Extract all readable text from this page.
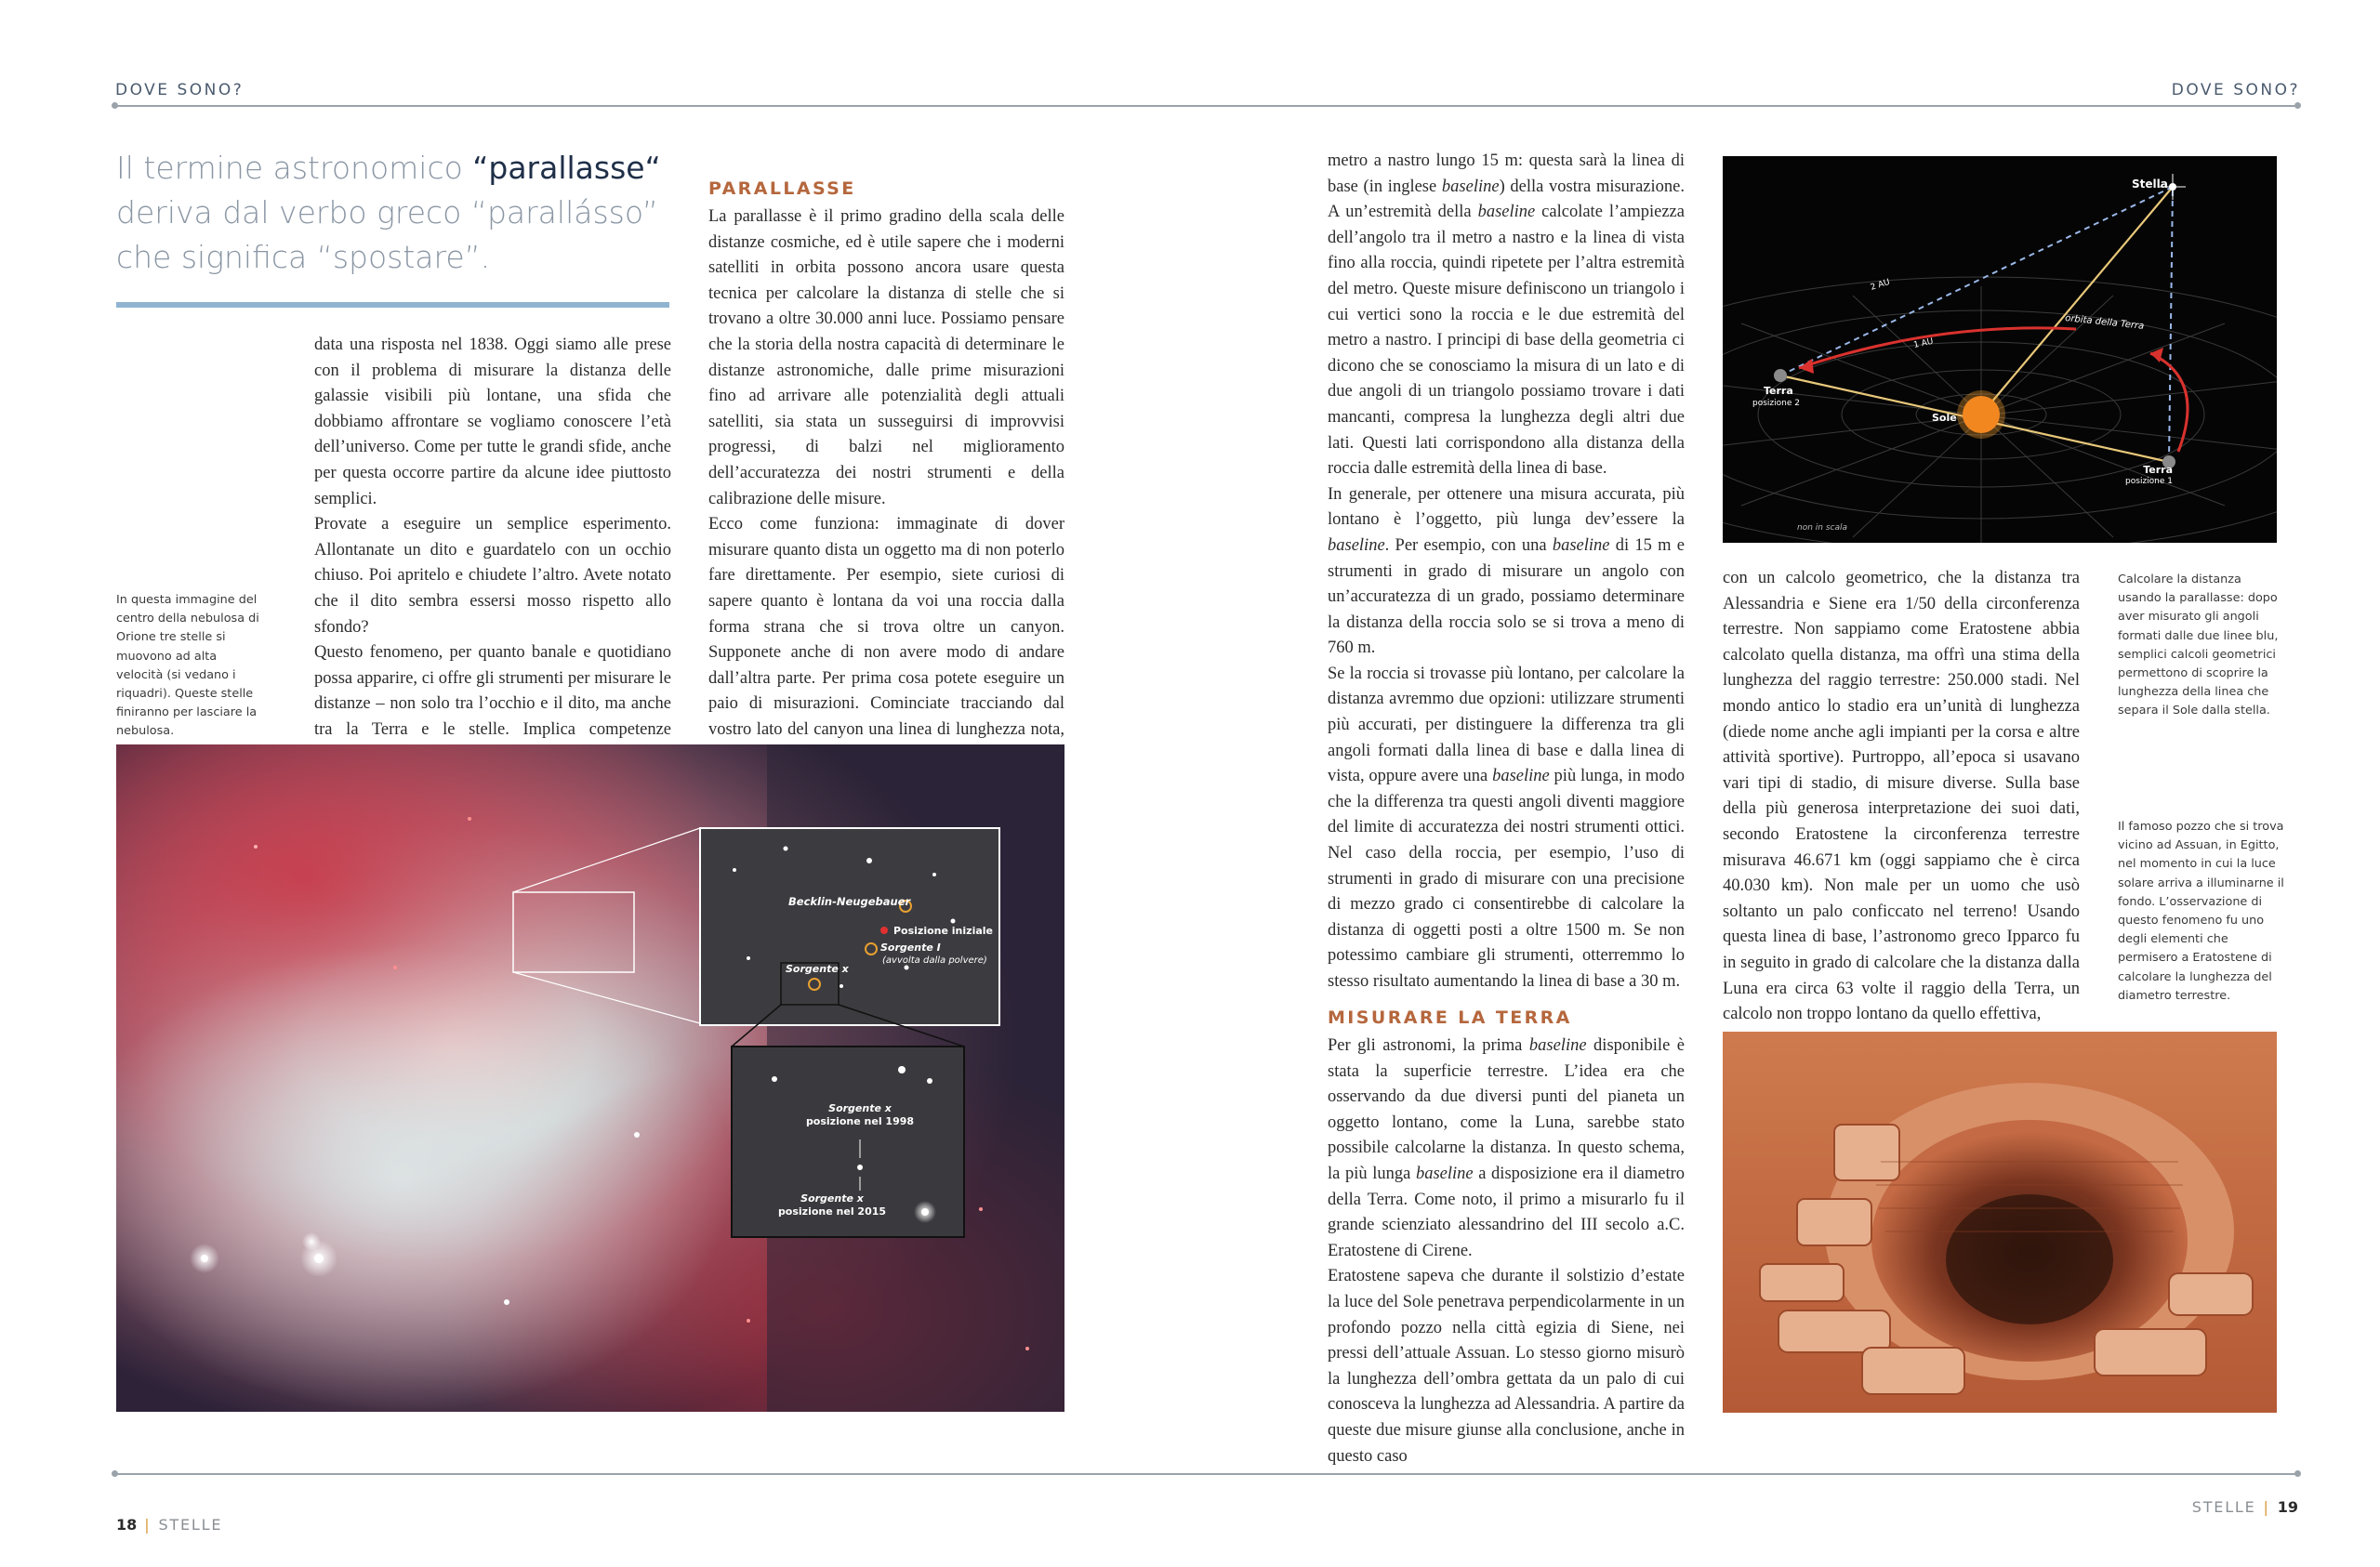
DOVE SONO?	DOVE SONO?
Il termine astronomico “parallasse“ deriva dal verbo greco “parallásso” che significa “spostare”.
In questa immagine del centro della nebulosa di Orione tre stelle si muovono ad alta velocità (si vedano i riquadri). Queste stelle finiranno per lasciare la nebulosa.

data una risposta nel 1838. Oggi siamo alle prese con il problema di misurare la distanza delle galassie visibili più lontane, una sfida che dobbiamo affrontare se vogliamo conoscere l’età dell’universo. Come per tutte le grandi sfide, anche per questa occorre partire da alcune idee piuttosto semplici.

Provate a eseguire un semplice esperimento. Allontanate un dito e guardatelo con un occhio chiuso. Poi apritelo e chiudete l’altro. Avete notato che il dito sembra essersi mosso rispetto allo sfondo?

Questo fenomeno, per quanto banale e quotidiano possa apparire, ci offre gli strumenti per misurare le distanze – non solo tra l’occhio e il dito, ma anche tra la Terra e le stelle. Implica competenze

PARALLASSE

La parallasse è il primo gradino della scala delle distanze cosmiche, ed è utile sapere che i moderni satelliti in orbita possono ancora usare questa tecnica per calcolare la distanza di stelle che si trovano a oltre 30.000 anni luce. Possiamo pensare che la storia della nostra capacità di determinare le distanze astronomiche, dalle prime misurazioni fino ad arrivare alle potenzialità degli attuali satelliti, sia stata un susseguirsi di improvvisi progressi, di balzi nel miglioramento dell’accuratezza dei nostri strumenti e della calibrazione delle misure.

Ecco come funziona: immaginate di dover misurare quanto dista un oggetto ma di non poterlo fare direttamente. Per esempio, siete curiosi di sapere quanto è lontana da voi una roccia dalla forma strana che si trova oltre un canyon. Supponete anche di non avere modo di andare dall’altra parte. Per prima cosa potete eseguire un paio di misurazioni. Cominciate tracciando dal vostro lato del canyon una linea di lunghezza nota,

Becklin-Neugebauer
Posizione iniziale
Sorgente I
(avvolta dalla polvere)
Sorgente x
Sorgente x
posizione nel 1998
Sorgente x
posizione nel 2015

metro a nastro lungo 15 m: questa sarà la linea di base (in inglese baseline) della vostra misurazione. A un’estremità della baseline calcolate l’ampiezza dell’angolo tra il metro a nastro e la linea di vista fino alla roccia, quindi ripetete per l’altra estremità del metro. Queste misure definiscono un triangolo i cui vertici sono la roccia e le due estremità del metro a nastro. I principi di base della geometria ci dicono che se conosciamo la misura di un lato e di due angoli di un triangolo possiamo trovare i dati mancanti, compresa la lunghezza degli altri due lati. Questi lati corrispondono alla distanza della roccia dalle estremità della linea di base.

In generale, per ottenere una misura accurata, più lontano è l’oggetto, più lunga dev’essere la baseline. Per esempio, con una baseline di 15 m e strumenti in grado di misurare un angolo con un’accuratezza di un grado, possiamo determinare la distanza della roccia solo se si trova a meno di 760 m.

Se la roccia si trovasse più lontano, per calcolare la distanza avremmo due opzioni: utilizzare strumenti più accurati, per distinguere la differenza tra gli angoli formati dalla linea di base e dalla linea di vista, oppure avere una baseline più lunga, in modo che la differenza tra questi angoli diventi maggiore del limite di accuratezza dei nostri strumenti ottici. Nel caso della roccia, per esempio, l’uso di strumenti in grado di misurare con una precisione di mezzo grado ci consentirebbe di calcolare la distanza di oggetti posti a oltre 1500 m. Se non potessimo cambiare gli strumenti, otterremmo lo stesso risultato aumentando la linea di base a 30 m.

MISURARE LA TERRA

Per gli astronomi, la prima baseline disponibile è stata la superficie terrestre. L’idea era che osservando da due diversi punti del pianeta un oggetto lontano, come la Luna, sarebbe stato possibile calcolarne la distanza. In questo schema, la più lunga baseline a disposizione era il diametro della Terra. Come noto, il primo a misurarlo fu il grande scienziato alessandrino del III secolo a.C. Eratostene di Cirene.

Eratostene sapeva che durante il solstizio d’estate la luce del Sole penetrava perpendicolarmente in un profondo pozzo nella città egizia di Siene, nei pressi dell’attuale Assuan. Lo stesso giorno misurò la lunghezza dell’ombra gettata da un palo di cui conosceva la lunghezza ad Alessandria. A partire da queste due misure giunse alla conclusione, anche in questo caso

Stella
orbita della Terra
2 AU
1 AU
Terra
posizione 2
Sole
Terra
posizione 1
non in scala

con un calcolo geometrico, che la distanza tra Alessandria e Siene era 1/50 della circonferenza terrestre. Non sappiamo come Eratostene abbia calcolato quella distanza, ma offrì una stima della lunghezza del raggio terrestre: 250.000 stadi. Nel mondo antico lo stadio era un’unità di lunghezza (diede nome anche agli impianti per la corsa e altre attività sportive). Purtroppo, all’epoca si usavano vari tipi di stadio, di misure diverse. Sulla base della più generosa interpretazione dei suoi dati, secondo Eratostene la circonferenza terrestre misurava 46.671 km (oggi sappiamo che è circa 40.030 km). Non male per un uomo che usò soltanto un palo conficcato nel terreno! Usando questa linea di base, l’astronomo greco Ipparco fu in seguito in grado di calcolare che la distanza dalla Luna era circa 63 volte il raggio della Terra, un calcolo non troppo lontano da quello effettiva,

Calcolare la distanza usando la parallasse: dopo aver misurato gli angoli formati dalle due linee blu, semplici calcoli geometrici permettono di scoprire la lunghezza della linea che separa il Sole dalla stella.
Il famoso pozzo che si trova vicino ad Assuan, in Egitto, nel momento in cui la luce solare arriva a illuminarne il fondo. L’osservazione di questo fenomeno fu uno degli elementi che permisero a Eratostene di calcolare la lunghezza del diametro terrestre.
18 | STELLE
STELLE | 19
